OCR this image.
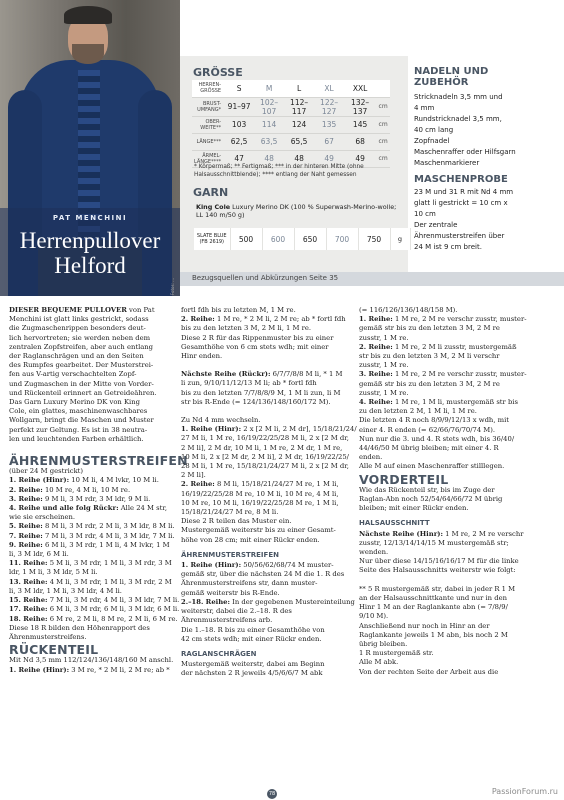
PAT MENCHINI
Herrenpullover
Helford
GRÖSSE
HERREN-GRÖSSE	S	M	L	XL	XXL	
BRUST-UMFANG*	91–97	102–107	112–117	122–127	132–137	cm
OBER-WEITE**	103	114	124	135	145	cm
LÄNGE***	62,5	63,5	65,5	67	68	cm
ÄRMEL-LÄNGE****	47	48	48	49	49	cm
* Körpermaß; ** Fertigmaß; *** in der hinteren Mitte (ohne Halsausschnittblende); **** entlang der Naht gemessen
GARN
King Cole Luxury Merino DK (100 % Superwash-Merino-wolle; LL 140 m/50 g)
SLATE BLUE (FB 2619)	500	600	650	700	750	g
NADELN UND
ZUBEHÖR
Stricknadeln 3,5 mm und
4 mm
Rundstricknadel 3,5 mm,
40 cm lang
Zopfnadel
Maschenraffer oder Hilfsgarn
Maschenmarkierer
MASCHENPROBE
23 M und 31 R mit Nd 4 mm
glatt li gestrickt = 10 cm x
10 cm
Der zentrale
Ährenmusterstreifen über
24 M ist 9 cm breit.
Bezugsquellen und Abkürzungen Seite 35
Fotos: ...
DIESER BEQUEME PULLOVER von Pat
Menchini ist glatt links gestrickt, sodass
die Zugmaschenrippen besonders deut-
lich hervortreten; sie werden neben dem
zentralen Zopfstreifen, aber auch entlang
der Raglanschrägen und an den Seiten
des Rumpfes gearbeitet. Der Musterstrei-
fen aus V-artig verschachtelten Zopf-
und Zugmaschen in der Mitte von Vorder-
und Rückenteil erinnert an Getreideähren.
Das Garn Luxury Merino DK von King
Cole, ein glattes, maschinenwaschbares
Wollgarn, bringt die Maschen und Muster
perfekt zur Geltung. Es ist in 38 neutra-
len und leuchtenden Farben erhältlich.
ÄHRENMUSTERSTREIFEN
(über 24 M gestrickt)
1. Reihe (Hinr): 10 M li, 4 M lvkr, 10 M li.
2. Reihe: 10 M re, 4 M li, 10 M re.
3. Reihe: 9 M li, 3 M rdr, 3 M ldr, 9 M li.
4. Reihe und alle folg Rückr: Alle 24 M str,
wie sie erscheinen.
5. Reihe: 8 M li, 3 M rdr, 2 M li, 3 M ldr, 8 M li.
7. Reihe: 7 M li, 3 M rdr, 4 M li, 3 M ldr, 7 M li.
9. Reihe: 6 M li, 3 M rdr, 1 M li, 4 M lvkr, 1 M
li, 3 M ldr, 6 M li.
11. Reihe: 5 M li, 3 M rdr, 1 M li, 3 M rdr, 3 M
ldr, 1 M li, 3 M ldr, 5 M li.
13. Reihe: 4 M li, 3 M rdr, 1 M li, 3 M rdr, 2 M
li, 3 M ldr, 1 M li, 3 M ldr, 4 M li.
15. Reihe: 7 M li, 3 M rdr, 4 M li, 3 M ldr, 7 M li.
17. Reihe: 6 M li, 3 M rdr, 6 M li, 3 M ldr, 6 M li.
18. Reihe: 6 M re, 2 M li, 8 M re, 2 M li, 6 M re.
Diese 18 R bilden den Höhenrapport des
Ährenmusterstreifens.
RÜCKENTEIL
Mit Nd 3,5 mm 112/124/136/148/160 M anschl.
1. Reihe (Hinr): 3 M re, * 2 M li, 2 M re; ab *
fortl fdh bis zu letzten M, 1 M re.
2. Reihe: 1 M re, * 2 M li, 2 M re; ab * fortl fdh
bis zu den letzten 3 M, 2 M li, 1 M re.
Diese 2 R für das Rippenmuster bis zu einer
Gesamthöhe von 6 cm stets wdh; mit einer
Hinr enden.
Nächste Reihe (Rückr): 6/7/7/8/8 M li, * 1 M
li zun, 9/10/11/12/13 M li; ab * fortl fdh
bis zu den letzten 7/7/8/8/9 M, 1 M li zun, li M
str bis R-Ende (= 124/136/148/160/172 M).
Zu Nd 4 mm wechseln.
1. Reihe (Hinr): 2 x [2 M li, 2 M dr], 15/18/21/24/
27 M li, 1 M re, 16/19/22/25/28 M li, 2 x [2 M dr,
2 M li], 2 M dr, 10 M li, 1 M re, 2 M dr, 1 M re,
10 M li, 2 x [2 M dr, 2 M li], 2 M dr, 16/19/22/25/
28 M li, 1 M re, 15/18/21/24/27 M li, 2 x [2 M dr,
2 M li].
2. Reihe: 8 M li, 15/18/21/24/27 M re, 1 M li,
16/19/22/25/28 M re, 10 M li, 10 M re, 4 M li,
10 M re, 10 M li, 16/19/22/25/28 M re, 1 M li,
15/18/21/24/27 M re, 8 M li.
Diese 2 R teilen das Muster ein.
Mustergemäß weiterstr bis zu einer Gesamt-
höhe von 28 cm; mit einer Rückr enden.
ÄHRENMUSTERSTREIFEN
1. Reihe (Hinr): 50/56/62/68/74 M muster-
gemäß str, über die nächsten 24 M die 1. R des
Ährenmusterstreifens str, dann muster-
gemäß weiterstr bis R-Ende.
2.–18. Reihe: In der gegebenen Mustereinteilung
weiterstr, dabei die 2.–18. R des
Ährenmusterstreifens arb.
Die 1.–18. R bis zu einer Gesamthöhe von
42 cm stets wdh; mit einer Rückr enden.
RAGLANSCHRÄGEN
Mustergemäß weiterstr, dabei am Beginn
der nächsten 2 R jeweils 4/5/6/6/7 M abk
(= 116/126/136/148/158 M).
1. Reihe: 1 M re, 2 M re verschr zusstr, muster-
gemäß str bis zu den letzten 3 M, 2 M re
zusstr, 1 M re.
2. Reihe: 1 M re, 2 M li zusstr, mustergemäß
str bis zu den letzten 3 M, 2 M li verschr
zusstr, 1 M re.
3. Reihe: 1 M re, 2 M re verschr zusstr, muster-
gemäß str bis zu den letzten 3 M, 2 M re
zusstr, 1 M re.
4. Reihe: 1 M re, 1 M li, mustergemäß str bis
zu den letzten 2 M, 1 M li, 1 M re.
Die letzten 4 R noch 8/9/9/12/13 x wdh, mit
einer 4. R enden (= 62/66/76/70/74 M).
Nun nur die 3. und 4. R stets wdh, bis 36/40/
44/46/50 M übrig bleiben; mit einer 4. R
enden.
Alle M auf einen Maschenraffer stilllegen.
VORDERTEIL
Wie das Rückenteil str, bis im Zuge der
Raglan-Abn noch 52/54/64/66/72 M übrig
bleiben; mit einer Rückr enden.
HALSAUSSCHNITT
Nächste Reihe (Hinr): 1 M re, 2 M re verschr
zusstr, 12/13/14/14/15 M mustergemäß str;
wenden.
Nur über diese 14/15/16/16/17 M für die linke
Seite des Halsausschnitts weiterstr wie folgt:
** 5 R mustergemäß str, dabei in jeder R 1 M
an der Halsausschnittkante und nur in den
Hinr 1 M an der Raglankante abn (= 7/8/9/
9/10 M).
Anschließend nur noch in Hinr an der
Raglankante jeweils 1 M abn, bis noch 2 M
übrig bleiben.
1 R mustergemäß str.
Alle M abk.
Von der rechten Seite der Arbeit aus die
78	PassionForum.ru
